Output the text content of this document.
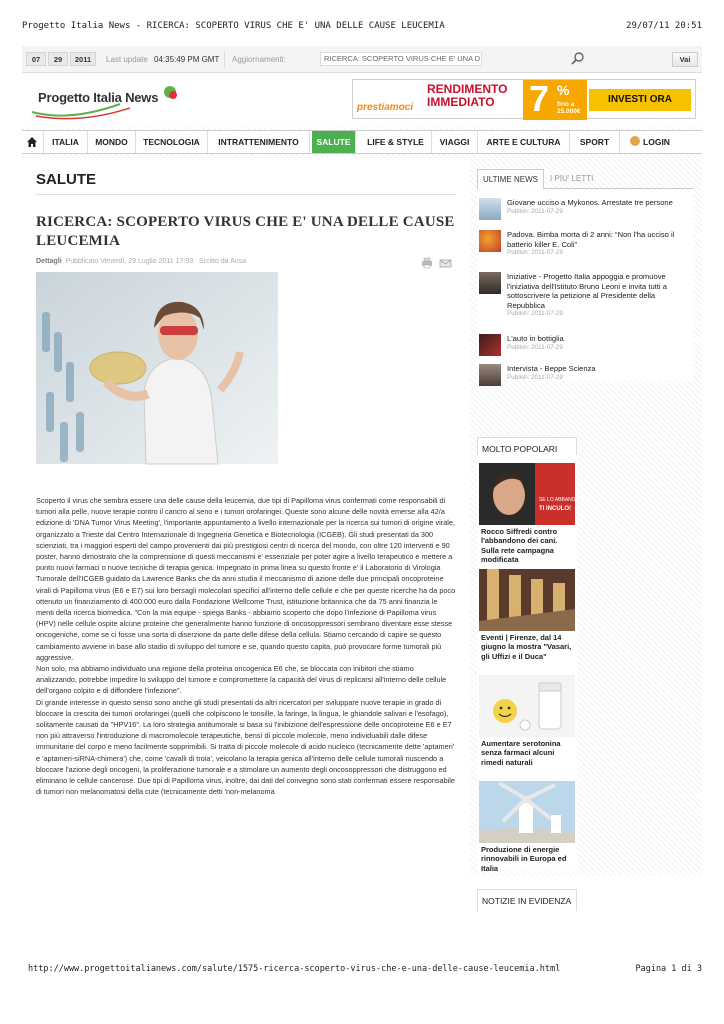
Progetto Italia News - RICERCA: SCOPERTO VIRUS CHE E' UNA DELLE CAUSE LEUCEMIA	29/07/11 20:51
07	29	2011	Last update 04:35:49 PM GMT Aggiornamenti:	RICERCA: SCOPERTO VIRUS CHE E' UNA D	Vai
Progetto Italia News
prestiamoci
RENDIMENTO
IMMEDIATO 7 %
fino a
25.000€
INVESTI ORA
ITALIA	MONDO	TECNOLOGIA	INTRATTENIMENTO	SALUTE	LIFE & STYLE	VIAGGI	ARTE E CULTURA	SPORT	LOGIN
SALUTE
RICERCA: SCOPERTO VIRUS CHE E' UNA DELLE CAUSE LEUCEMIA
Dettagli Pubblicato Venerdì, 29 Luglio 2011 17:03 Scritto da Ansa

Scoperto il virus che sembra essere una delle cause della leucemia, due tipi di Papilloma virus confermati come responsabili di tumori alla pelle, nuove terapie contro il cancro al seno e i tumori orofaringei. Queste sono alcune delle novità emerse alla 42/a edizione di 'DNA Tumor Virus Meeting', l'importante appuntamento a livello internazionale per la ricerca sui tumori di origine virale, organizzato a Trieste dal Centro Internazionale di Ingegneria Genetica e Biotecnologia (ICGEB). Gli studi presentati da 300 scienziati, tra i maggiori esperti del campo provenienti dai più prestigiosi centri di ricerca del mondo, con oltre 120 interventi e 90 poster, hanno dimostrato che la comprensione di questi meccanismi e' essenziale per poter agire a livello terapeutico e mettere a punto nuovi farmaci o nuove tecniche di terapia genica. Impegnato in prima linea su questo fronte e' il Laboratorio di Virologia Tumorale dell'ICGEB guidato da Lawrence Banks che da anni studia il meccanismo di azione delle due principali oncoproteine virali di Papilloma virus (E6 e E7) sui loro bersagli molecolari specifici all'interno delle cellule e che per queste ricerche ha da poco ottenuto un finanziamento di 400.000 euro dalla Fondazione Wellcome Trust, istituzione britannica che da 75 anni finanzia le menti della ricerca biomedica. "Con la mia equipe - spiega Banks - abbiamo scoperto che dopo l'infezione di Papilloma virus (HPV) nelle cellule ospite alcune proteine che generalmente hanno funzione di oncosoppressori sembrano diventare esse stesse oncogeniche, come se ci fosse una sorta di diserzione da parte delle difese della cellula. Stiamo cercando di capire se questo cambiamento avviene in base allo stadio di sviluppo del tumore e se, quando questo capita, può provocare forme tumorali più aggressive.

Non solo, ma abbiamo individuato una regione della proteina oncogenica E6 che, se bloccata con inibitori che stiamo analizzando, potrebbe impedire lo sviluppo del tumore e compromettere la capacità del virus di replicarsi all'interno delle cellule dell'organo colpito e di diffondere l'infezione".

Di grande interesse in questo senso sono anche gli studi presentati da altri ricercatori per sviluppare nuove terapie in grado di bloccare la crescita dei tumori orofaringei (quelli che colpiscono le tonsille, la faringe, la lingua, le ghiandole salivari e l'esofago), solitamente causati da "HPV16". La loro strategia antitumorale si basa su l'inibizione dell'espressione delle oncoproteine E6 e E7 non più attraverso l'introduzione di macromolecole terapeutiche, bensì di piccole molecole, meno individuabili dalle difese immunitarie del corpo e meno facilmente sopprimibili. Si tratta di piccole molecole di acido nucleico (tecnicamente dette 'aptameri' e 'aptameri-siRNA-chimera') che, come 'cavalli di troia', veicolano la terapia genica all'interno delle cellule tumorali riuscendo a bloccare l'azione degli oncogeni, la proliferazione tumorale e a stimolare un aumento degli oncosoppressori che distruggono ed eliminano le cellule cancerose. Due tipi di Papilloma virus, inoltre, dai dati del convegno sono stati confermati essere responsabile di tumori non melanomatosi della cute (tecnicamente detti 'non-melanoma

ULTIME NEWS	I PIU' LETTI
Giovane ucciso a Mykonos. Arrestate tre persone
Publish: 2011-07-29
Padova. Bimba morta di 2 anni: “Non l'ha ucciso il batterio killer E. Coli”
Publish: 2011-07-29
Iniziative - Progetto Italia appoggia e promuove l'iniziativa dell'Istituto Bruno Leoni e invita tutti a sottoscrivere la petizione al Presidente della Repubblica
Publish: 2011-07-29
L'auto in bottiglia
Publish: 2011-07-29
Intervista - Beppe Scienza
Publish: 2011-07-29
MOLTO POPOLARI
SE LO ABBANDONI
TI INCULO!
Rocco Siffredi contro l'abbandono dei cani. Sulla rete campagna modificata
Eventi | Firenze, dal 14 giugno la mostra "Vasari, gli Uffizi e il Duca"
Aumentare serotonina senza farmaci alcuni rimedi naturali
Produzione di energie rinnovabili in Europa ed Italia
NOTIZIE IN EVIDENZA
http://www.progettoitalianews.com/salute/1575-ricerca-scoperto-virus-che-e-una-delle-cause-leucemia.html	Pagina 1 di 3
